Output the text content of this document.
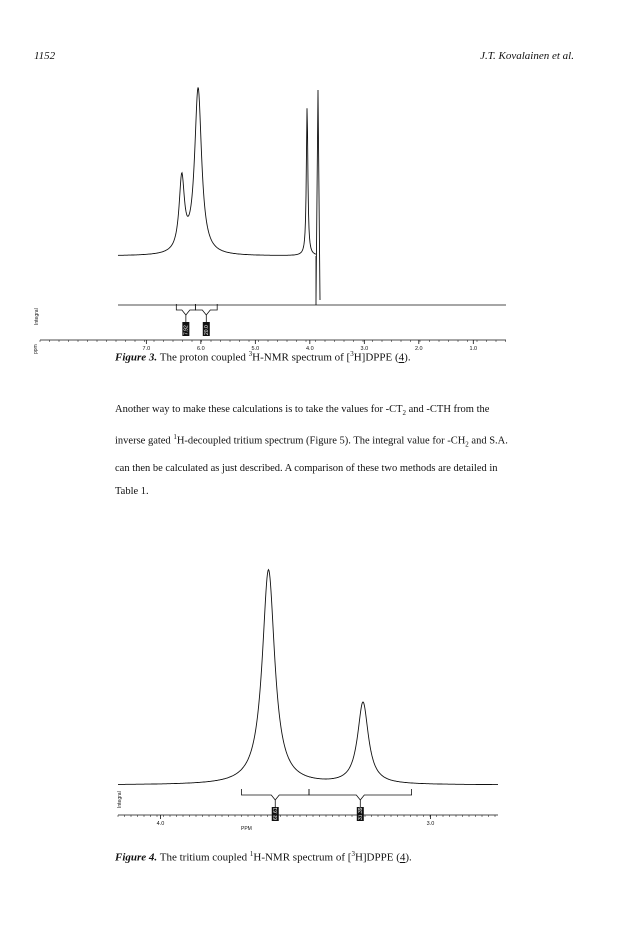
1152	J.T. Kovalainen et al.
7.92	20.0
7.0	6.0	5.0	4.0	3.0	2.0	1.0
Integral
ppm
Figure 3. The proton coupled $^3$H-NMR spectrum of [$^3$H]DPPE (4).
Another way to make these calculations is to take the values for $-CT_2$ and -CTH from the inverse gated $^1$H-decoupled tritium spectrum (Figure 5). The integral value for $-CH_2$ and S.A. can then be calculated as just described. A comparison of these two methods are detailed in Table 1.
68.61	31.39
4.0	3.0
Integral
PPM
Figure 4. The tritium coupled $^1$H-NMR spectrum of [$^3$H]DPPE (4).
